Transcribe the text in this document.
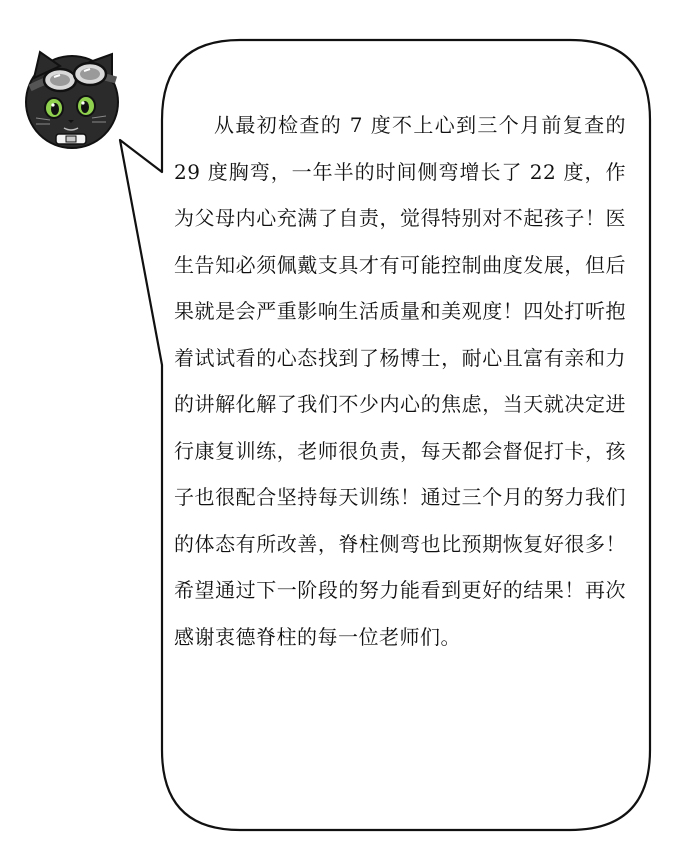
从最初检查的 7 度不上心到三个月前复查的 29 度胸弯，一年半的时间侧弯增长了 22 度，作为父母内心充满了自责，觉得特别对不起孩子！医生告知必须佩戴支具才有可能控制曲度发展，但后果就是会严重影响生活质量和美观度！四处打听抱着试试看的心态找到了杨博士，耐心且富有亲和力的讲解化解了我们不少内心的焦虑，当天就决定进行康复训练，老师很负责，每天都会督促打卡，孩子也很配合坚持每天训练！通过三个月的努力我们的体态有所改善，脊柱侧弯也比预期恢复好很多！希望通过下一阶段的努力能看到更好的结果！再次感谢衷德脊柱的每一位老师们。
